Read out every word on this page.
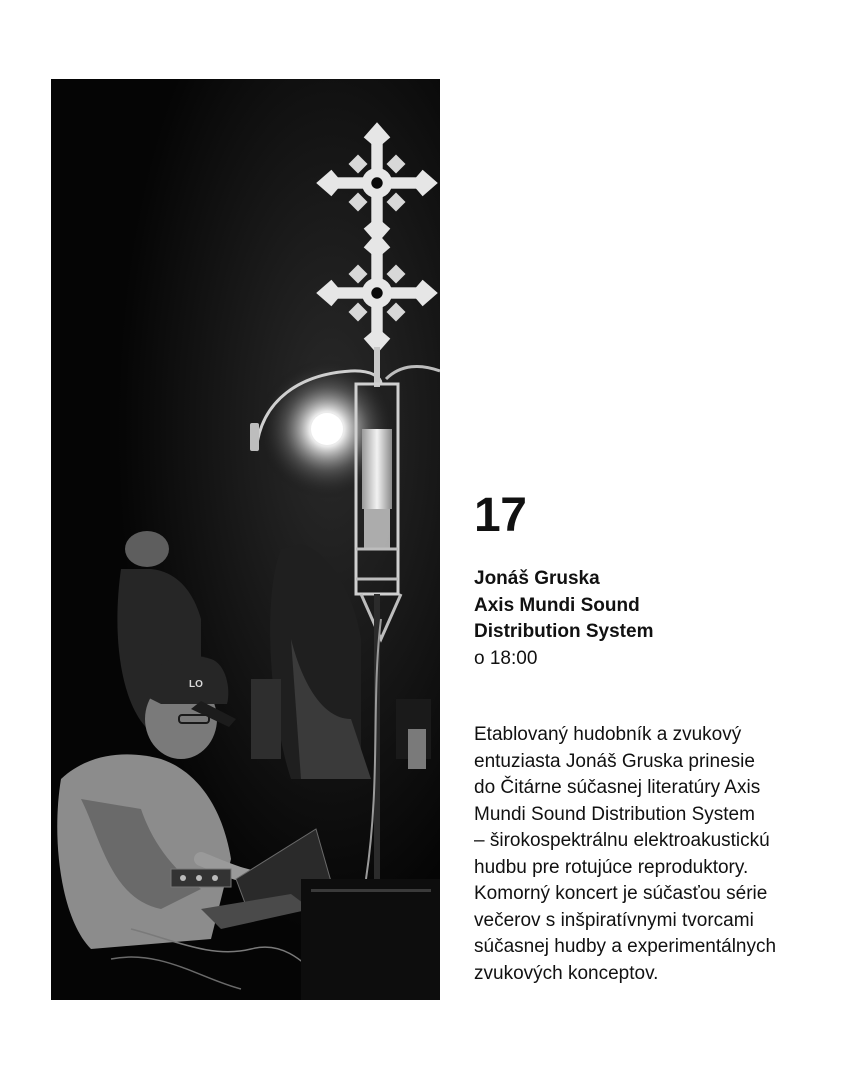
LO
17
Jonáš Gruska
Axis Mundi Sound
Distribution System
o 18:00

Etablovaný hudobník a zvukový
entuziasta Jonáš Gruska prinesie
do Čitárne súčasnej literatúry Axis
Mundi Sound Distribution System
– širokospektrálnu elektroakustickú
hudbu pre rotujúce reproduktory.
Komorný koncert je súčasťou série
večerov s inšpiratívnymi tvorcami
súčasnej hudby a experimentálnych
zvukových konceptov.
